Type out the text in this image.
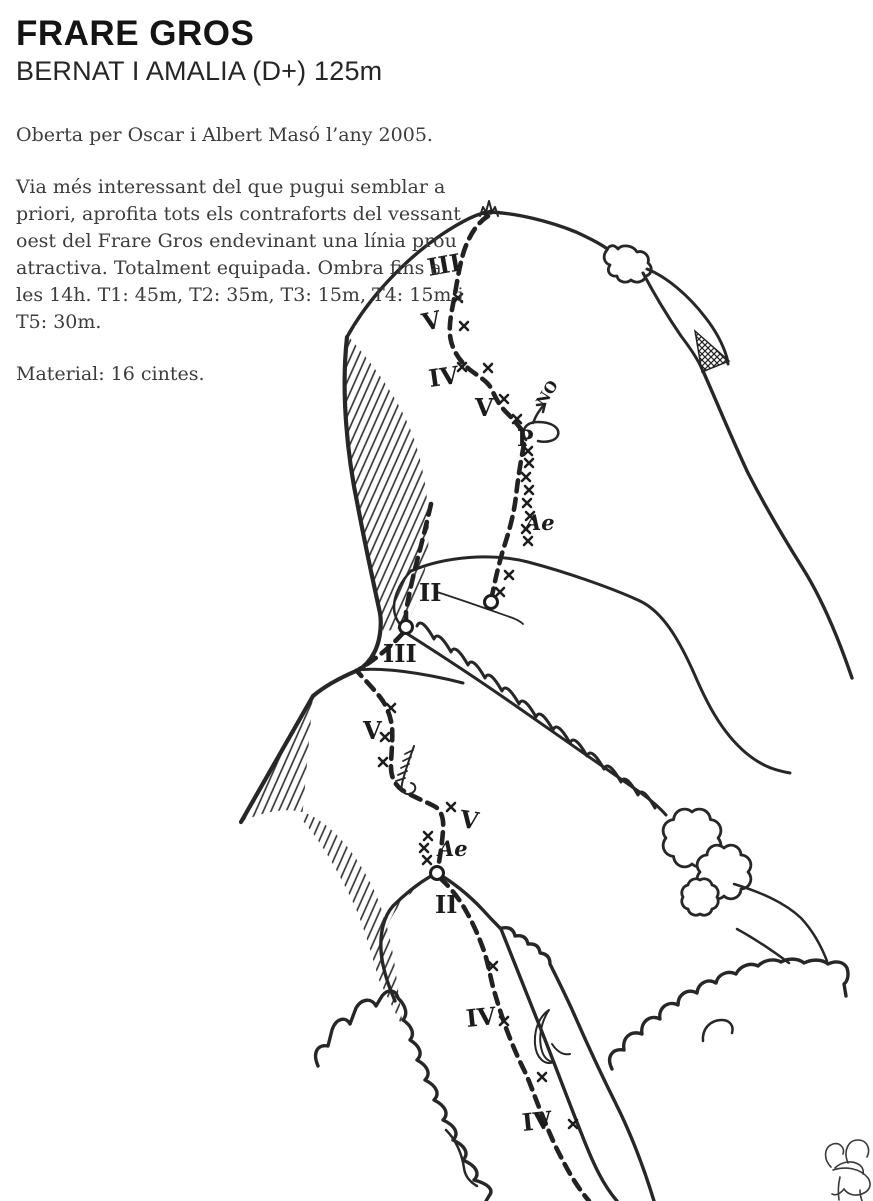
FRARE GROS
BERNAT I AMALIA (D+) 125m

Oberta per Oscar i Albert Masó l’any 2005.

Via més interessant del que pugui semblar a priori, aprofita tots els contraforts del vessant oest del Frare Gros endevinant una línia prou atractiva. Totalment equipada. Ombra fins a les 14h. T1: 45m, T2: 35m, T3: 15m, T4: 15m i T5: 30m.

Material: 16 cintes.

P
NO
III
V
IV
V
Ae
II
III
V
V
Ae
II
IV
IV
